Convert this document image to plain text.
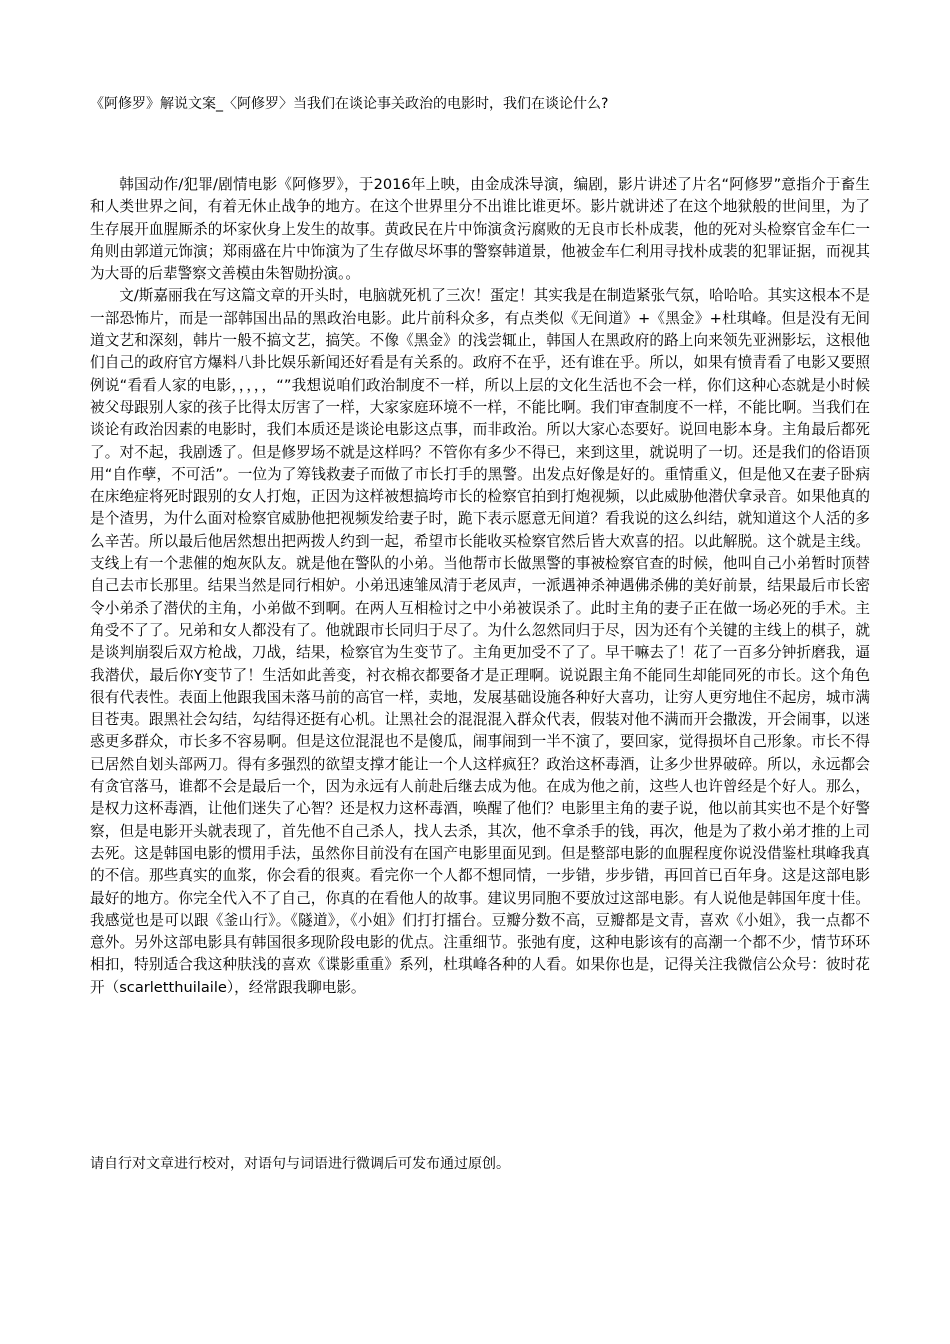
《阿修罗》解说文案_〈阿修罗〉当我们在谈论事关政治的电影时，我们在谈论什么?

韩国动作/犯罪/剧情电影《阿修罗》，于2016年上映，由金成洙导演，编剧，影片讲述了片名“阿修罗”意指介于畜生和人类世界之间，有着无休止战争的地方。在这个世界里分不出谁比谁更坏。影片就讲述了在这个地狱般的世间里，为了生存展开血腥厮杀的坏家伙身上发生的故事。黄政民在片中饰演贪污腐败的无良市长朴成裴，他的死对头检察官金车仁一角则由郭道元饰演；郑雨盛在片中饰演为了生存做尽坏事的警察韩道景，他被金车仁利用寻找朴成裴的犯罪证据，而视其为大哥的后辈警察文善模由朱智勋扮演。。

文/斯嘉丽我在写这篇文章的开头时，电脑就死机了三次！蛋定！其实我是在制造紧张气氛，哈哈哈。其实这根本不是一部恐怖片，而是一部韩国出品的黑政治电影。此片前科众多，有点类似《无间道》+《黑金》+杜琪峰。但是没有无间道文艺和深刻，韩片一般不搞文艺，搞笑。不像《黑金》的浅尝辄止，韩国人在黑政府的路上向来领先亚洲影坛，这根他们自己的政府官方爆料八卦比娱乐新闻还好看是有关系的。政府不在乎，还有谁在乎。所以，如果有愤青看了电影又要照例说“看看人家的电影，，，，，“”我想说咱们政治制度不一样，所以上层的文化生活也不会一样，你们这种心态就是小时候被父母跟别人家的孩子比得太厉害了一样，大家家庭环境不一样，不能比啊。我们审查制度不一样，不能比啊。当我们在谈论有政治因素的电影时，我们本质还是谈论电影这点事，而非政治。所以大家心态要好。说回电影本身。主角最后都死了。对不起，我剧透了。但是修罗场不就是这样吗？不管你有多少不得已，来到这里，就说明了一切。还是我们的俗语顶用“自作孽，不可活”。一位为了筹钱救妻子而做了市长打手的黑警。出发点好像是好的。重情重义，但是他又在妻子卧病在床绝症将死时跟别的女人打炮，正因为这样被想搞垮市长的检察官拍到打炮视频，以此威胁他潜伏拿录音。如果他真的是个渣男，为什么面对检察官威胁他把视频发给妻子时，跪下表示愿意无间道？看我说的这么纠结，就知道这个人活的多么辛苦。所以最后他居然想出把两拨人约到一起，希望市长能收买检察官然后皆大欢喜的招。以此解脱。这个就是主线。支线上有一个悲催的炮灰队友。就是他在警队的小弟。当他帮市长做黑警的事被检察官查的时候，他叫自己小弟暂时顶替自己去市长那里。结果当然是同行相妒。小弟迅速雏凤清于老凤声，一派遇神杀神遇佛杀佛的美好前景，结果最后市长密令小弟杀了潜伏的主角，小弟做不到啊。在两人互相检讨之中小弟被误杀了。此时主角的妻子正在做一场必死的手术。主角受不了了。兄弟和女人都没有了。他就跟市长同归于尽了。为什么忽然同归于尽，因为还有个关键的主线上的棋子，就是谈判崩裂后双方枪战，刀战，结果，检察官为生变节了。主角更加受不了了。早干嘛去了！花了一百多分钟折磨我，逼我潜伏，最后你Y变节了！生活如此善变，衬衣棉衣都要备才是正理啊。说说跟主角不能同生却能同死的市长。这个角色很有代表性。表面上他跟我国未落马前的高官一样，卖地，发展基础设施各种好大喜功，让穷人更穷地住不起房，城市满目苍夷。跟黑社会勾结，勾结得还挺有心机。让黑社会的混混混入群众代表，假装对他不满而开会撒泼，开会闹事，以迷惑更多群众，市长多不容易啊。但是这位混混也不是傻瓜，闹事闹到一半不演了，要回家，觉得损坏自己形象。市长不得已居然自划头部两刀。得有多强烈的欲望支撑才能让一个人这样疯狂？政治这杯毒酒，让多少世界破碎。所以，永远都会有贪官落马，谁都不会是最后一个，因为永远有人前赴后继去成为他。在成为他之前，这些人也许曾经是个好人。那么，是权力这杯毒酒，让他们迷失了心智？还是权力这杯毒酒，唤醒了他们？电影里主角的妻子说，他以前其实也不是个好警察，但是电影开头就表现了，首先他不自己杀人，找人去杀，其次，他不拿杀手的钱，再次，他是为了救小弟才推的上司去死。这是韩国电影的惯用手法，虽然你目前没有在国产电影里面见到。但是整部电影的血腥程度你说没借鉴杜琪峰我真的不信。那些真实的血浆，你会看的很爽。看完你一个人都不想同情，一步错，步步错，再回首已百年身。这是这部电影最好的地方。你完全代入不了自己，你真的在看他人的故事。建议男同胞不要放过这部电影。有人说他是韩国年度十佳。我感觉也是可以跟《釜山行》。《隧道》，《小姐》们打打擂台。豆瓣分数不高，豆瓣都是文青，喜欢《小姐》，我一点都不意外。另外这部电影具有韩国很多现阶段电影的优点。注重细节。张弛有度，这种电影该有的高潮一个都不少，情节环环相扣，特别适合我这种肤浅的喜欢《谍影重重》系列，杜琪峰各种的人看。如果你也是，记得关注我微信公众号：彼时花开（scarletthuilaile），经常跟我聊电影。

请自行对文章进行校对，对语句与词语进行微调后可发布通过原创。
